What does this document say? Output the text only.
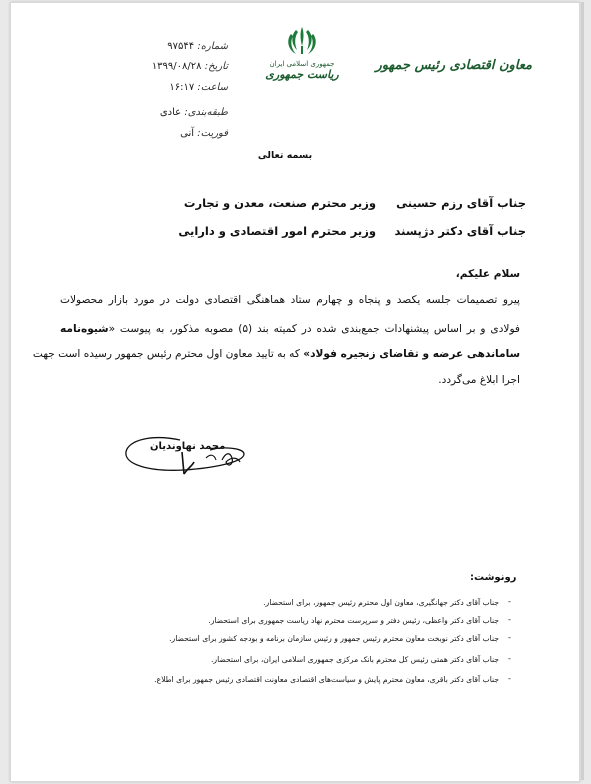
شماره: ۹۷۵۴۴
تاریخ: ۱۳۹۹/۰۸/۲۸
ساعت: ۱۶:۱۷
طبقه‌بندی: عادی
فوریت: آنی
جمهوری اسلامی ایران
ریاست جمهوری
معاون اقتصادی رئیس جمهور
بسمه تعالی
جناب آقای رزم حسینی
وزیر محترم صنعت، معدن و تجارت
جناب آقای دکتر دژپسند
وزیر محترم امور اقتصادی و دارایی
سلام علیکم،
پیرو تصمیمات جلسه یکصد و پنجاه و چهارم ستاد هماهنگی اقتصادی دولت در مورد بازار محصولات
فولادی و بر اساس پیشنهادات جمع‌بندی شده در کمیته بند (۵) مصوبه مذکور، به پیوست «شیوه‌نامه
ساماندهی عرضه و تقاضای زنجیره فولاد» که به تایید معاون اول محترم رئیس جمهور رسیده است جهت
اجرا ابلاغ می‌گردد.
محمد نهاوندیان
رونوشت:
-
جناب آقای دکتر جهانگیری، معاون اول محترم رئیس جمهور، برای استحضار.
-
جناب آقای دکتر واعظی، رئیس دفتر و سرپرست محترم نهاد ریاست جمهوری برای استحضار.
-
جناب آقای دکتر نوبخت معاون محترم رئیس جمهور و رئیس سازمان برنامه و بودجه کشور برای استحضار.
-
جناب آقای دکتر همتی رئیس کل محترم بانک مرکزی جمهوری اسلامی ایران، برای استحضار.
-
جناب آقای دکتر باقری، معاون محترم پایش و سیاست‌های اقتصادی معاونت اقتصادی رئیس جمهور برای اطلاع.
